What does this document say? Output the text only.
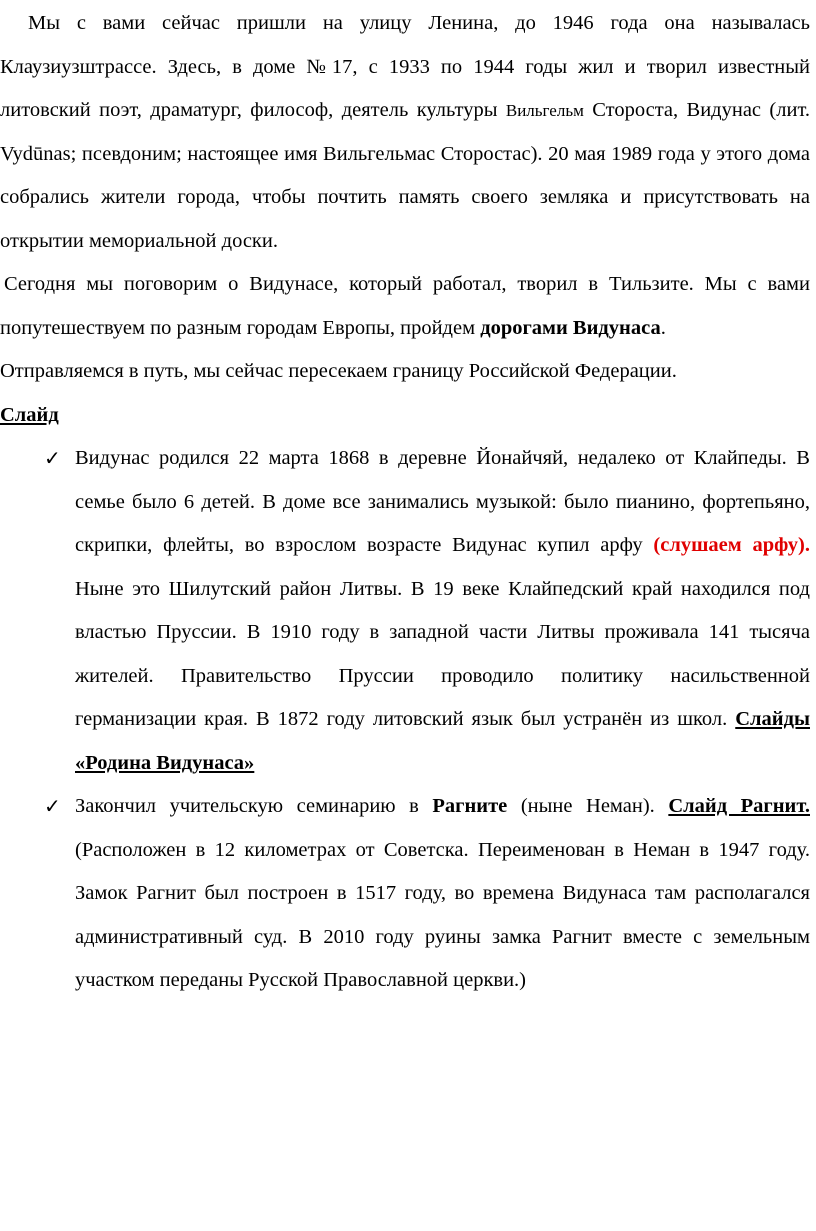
Мы с вами сейчас пришли на улицу Ленина, до 1946 года она называлась Клаузиузштрассе. Здесь, в доме №17, с 1933 по 1944 годы жил и творил известный литовский поэт, драматург, философ, деятель культуры Вильгельм Стороста, Видунас (лит. Vydūnas; псевдоним; настоящее имя Вильгельмас Сторостас). 20 мая 1989 года у этого дома собрались жители города, чтобы почтить память своего земляка и присутствовать на открытии мемориальной доски.

Сегодня мы поговорим о Видунасе, который работал, творил в Тильзите. Мы с вами попутешествуем по разным городам Европы, пройдем дорогами Видунаса.

Отправляемся в путь, мы сейчас пересекаем границу Российской Федерации.

Слайд

✓ Видунас родился 22 марта 1868 в деревне Йонайчяй, недалеко от Клайпеды. В семье было 6 детей. В доме все занимались музыкой: было пианино, фортепьяно, скрипки, флейты, во взрослом возрасте Видунас купил арфу (слушаем арфу). Ныне это Шилутский район Литвы. В 19 веке Клайпедский край находился под властью Пруссии. В 1910 году в западной части Литвы проживала 141 тысяча жителей. Правительство Пруссии проводило политику насильственной германизации края. В 1872 году литовский язык был устранён из школ. Слайды «Родина Видунаса»
✓ Закончил учительскую семинарию в Рагните (ныне Неман). Слайд Рагнит. (Расположен в 12 километрах от Советска. Переименован в Неман в 1947 году. Замок Рагнит был построен в 1517 году, во времена Видунаса там располагался административный суд. В 2010 году руины замка Рагнит вместе с земельным участком переданы Русской Православной церкви.)
